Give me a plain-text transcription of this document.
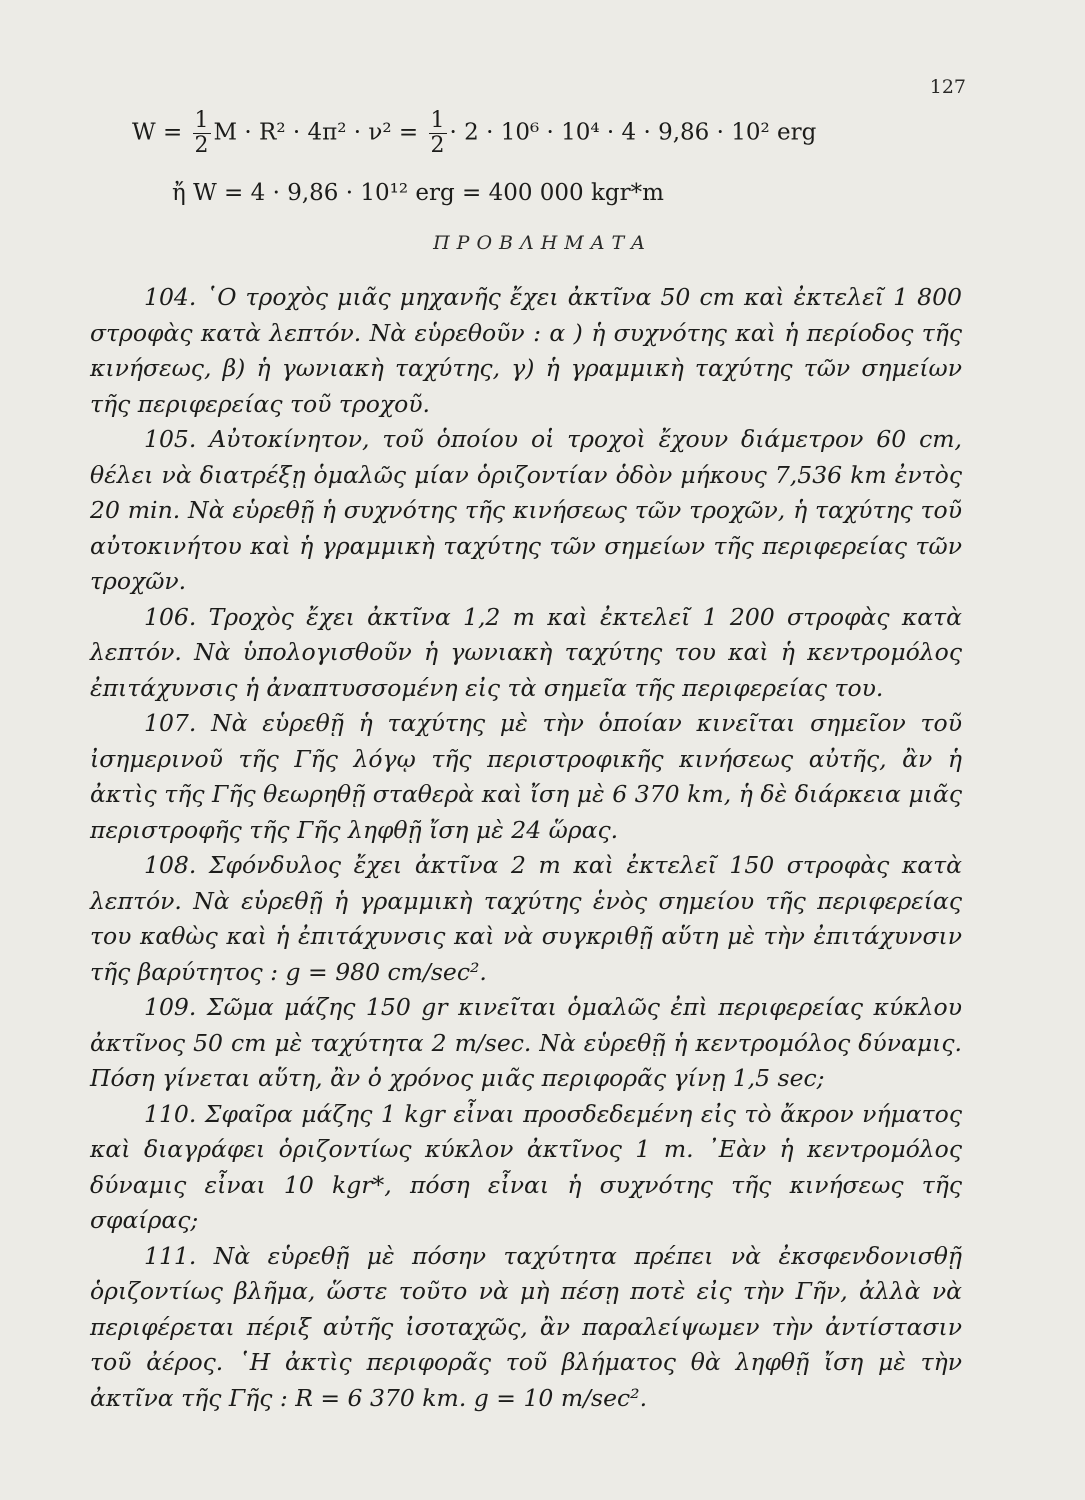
127
$W = \frac{1}{2}$ $M \cdot R^2 \cdot 4\pi^2 \cdot \nu^2 = \frac{1}{2} \cdot 2 \cdot 10^6 \cdot 10^4 \cdot 4 \cdot 9,86 \cdot 10^2$ erg
ἤ W = 4 · 9,86 · 10¹² erg = 400 000 kgr*m
ΠΡΟΒΛΗΜΑΤΑ

104. ῾Ο τροχὸς μιᾶς μηχανῆς ἔχει ἀκτῖνα 50 cm καὶ ἐκτελεῖ 1 800 στροφὰς κατὰ λεπτόν. Νὰ εὑρεθοῦν : α ) ἡ συχνότης καὶ ἡ περίοδος τῆς κινήσεως, β) ἡ γωνιακὴ ταχύτης, γ) ἡ γραμμικὴ ταχύτης τῶν σημείων τῆς περιφερείας τοῦ τροχοῦ.

105. Αὐτοκίνητον, τοῦ ὁποίου οἱ τροχοὶ ἔχουν διάμετρον 60 cm, θέλει νὰ διατρέξῃ ὁμαλῶς μίαν ὁριζοντίαν ὁδὸν μήκους 7,536 km ἐντὸς 20 min. Νὰ εὑρεθῇ ἡ συχνότης τῆς κινήσεως τῶν τροχῶν, ἡ ταχύτης τοῦ αὐτοκινήτου καὶ ἡ γραμμικὴ ταχύτης τῶν σημείων τῆς περιφερείας τῶν τροχῶν.

106. Τροχὸς ἔχει ἀκτῖνα 1,2 m καὶ ἐκτελεῖ 1 200 στροφὰς κατὰ λεπτόν. Νὰ ὑπολογισθοῦν ἡ γωνιακὴ ταχύτης του καὶ ἡ κεντρομόλος ἐπιτάχυνσις ἡ ἀναπτυσσομένη εἰς τὰ σημεῖα τῆς περιφερείας του.

107. Νὰ εὑρεθῇ ἡ ταχύτης μὲ τὴν ὁποίαν κινεῖται σημεῖον τοῦ ἰσημερινοῦ τῆς Γῆς λόγῳ τῆς περιστροφικῆς κινήσεως αὐτῆς, ἂν ἡ ἀκτὶς τῆς Γῆς θεωρηθῇ σταθερὰ καὶ ἴση μὲ 6 370 km, ἡ δὲ διάρκεια μιᾶς περιστροφῆς τῆς Γῆς ληφθῇ ἴση μὲ 24 ὥρας.

108. Σφόνδυλος ἔχει ἀκτῖνα 2 m καὶ ἐκτελεῖ 150 στροφὰς κατὰ λεπτόν. Νὰ εὑρεθῇ ἡ γραμμικὴ ταχύτης ἑνὸς σημείου τῆς περιφερείας του καθὼς καὶ ἡ ἐπιτάχυνσις καὶ νὰ συγκριθῇ αὕτη μὲ τὴν ἐπιτάχυνσιν τῆς βαρύτητος : g = 980 cm/sec².

109. Σῶμα μάζης 150 gr κινεῖται ὁμαλῶς ἐπὶ περιφερείας κύκλου ἀκτῖνος 50 cm μὲ ταχύτητα 2 m/sec. Νὰ εὑρεθῇ ἡ κεντρομόλος δύναμις. Πόση γίνεται αὕτη, ἂν ὁ χρόνος μιᾶς περιφορᾶς γίνῃ 1,5 sec;

110. Σφαῖρα μάζης 1 kgr εἶναι προσδεδεμένη εἰς τὸ ἄκρον νήματος καὶ διαγράφει ὁριζοντίως κύκλον ἀκτῖνος 1 m. ᾿Εὰν ἡ κεντρομόλος δύναμις εἶναι 10 kgr*, πόση εἶναι ἡ συχνότης τῆς κινήσεως τῆς σφαίρας;

111. Νὰ εὑρεθῇ μὲ πόσην ταχύτητα πρέπει νὰ ἐκσφενδονισθῇ ὁριζοντίως βλῆμα, ὥστε τοῦτο νὰ μὴ πέσῃ ποτὲ εἰς τὴν Γῆν, ἀλλὰ νὰ περιφέρεται πέριξ αὐτῆς ἰσοταχῶς, ἂν παραλείψωμεν τὴν ἀντίστασιν τοῦ ἀέρος. ῾Η ἀκτὶς περιφορᾶς τοῦ βλήματος θὰ ληφθῇ ἴση μὲ τὴν ἀκτῖνα τῆς Γῆς : R = 6 370 km. g = 10 m/sec².
